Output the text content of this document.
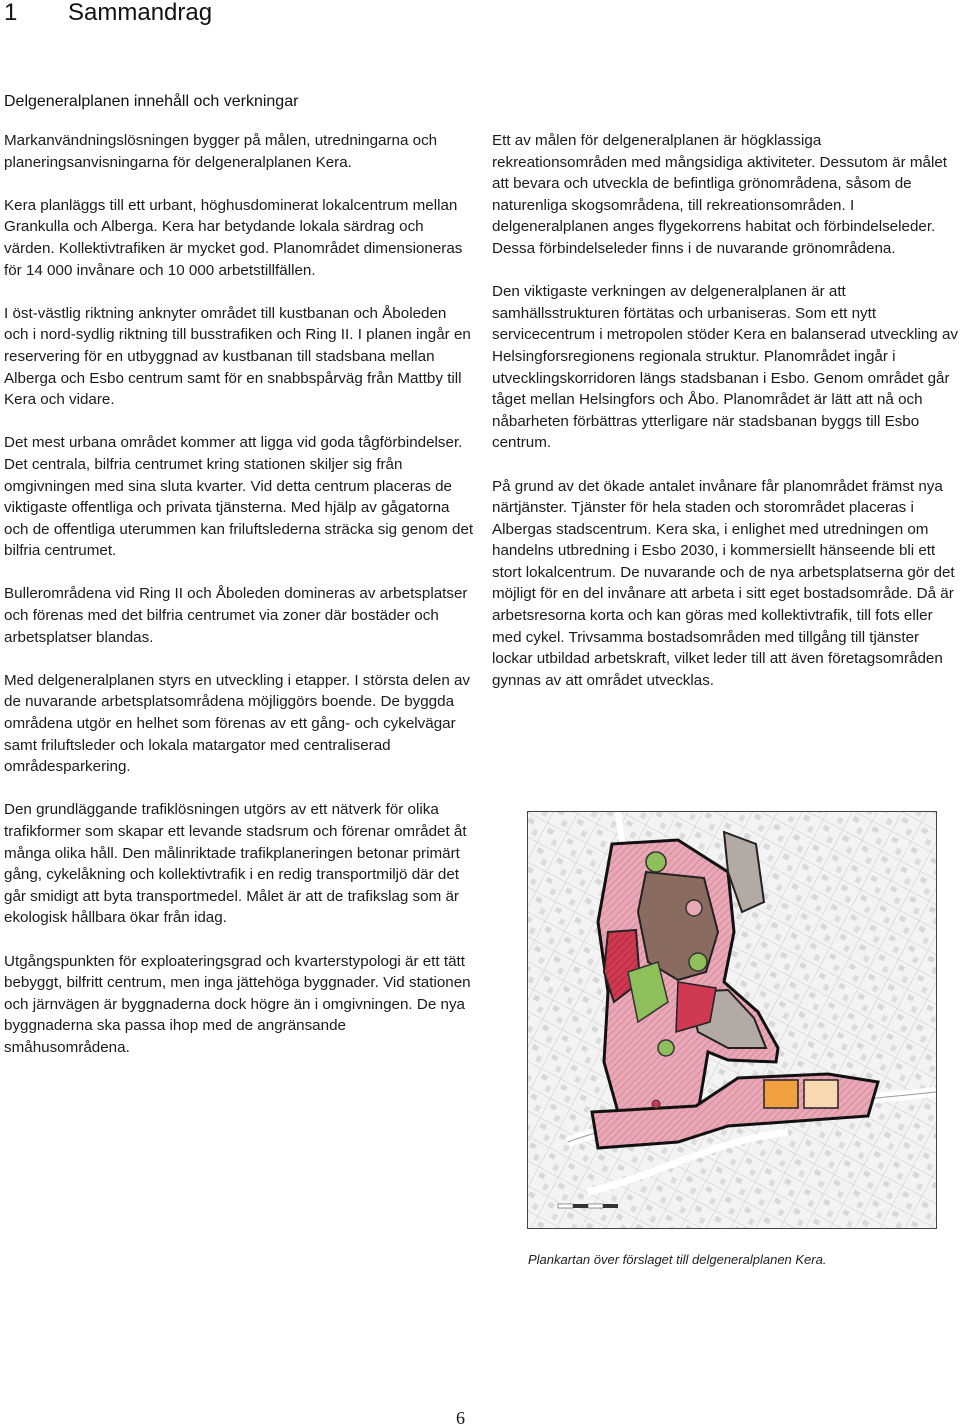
1 Sammandrag
Delgeneralplanen innehåll och verkningar

Markanvändningslösningen bygger på målen, utredningarna och planeringsanvisningarna för delgeneralplanen Kera.

Kera planläggs till ett urbant, höghusdominerat lokalcentrum mellan Grankulla och Alberga. Kera har betydande lokala särdrag och värden. Kollektivtrafiken är mycket god. Planområdet dimensioneras för 14 000 invånare och 10 000 arbetstillfällen.

I öst-västlig riktning anknyter området till kustbanan och Åboleden och i nord-sydlig riktning till busstrafiken och Ring II. I planen ingår en reservering för en utbyggnad av kustbanan till stadsbana mellan Alberga och Esbo centrum samt för en snabbspårväg från Mattby till Kera och vidare.

Det mest urbana området kommer att ligga vid goda tågförbindelser. Det centrala, bilfria centrumet kring stationen skiljer sig från omgivningen med sina sluta kvarter. Vid detta centrum placeras de viktigaste offentliga och privata tjänsterna. Med hjälp av gågatorna och de offentliga uterummen kan friluftslederna sträcka sig genom det bilfria centrumet.

Bullerområdena vid Ring II och Åboleden domineras av arbetsplatser och förenas med det bilfria centrumet via zoner där bostäder och arbetsplatser blandas.

Med delgeneralplanen styrs en utveckling i etapper. I största delen av de nuvarande arbetsplatsområdena möjliggörs boende. De byggda områdena utgör en helhet som förenas av ett gång- och cykelvägar samt friluftsleder och lokala matargator med centraliserad områdesparkering.

Den grundläggande trafiklösningen utgörs av ett nätverk för olika trafikformer som skapar ett levande stadsrum och förenar området åt många olika håll. Den målinriktade trafikplaneringen betonar primärt gång, cykelåkning och kollektivtrafik i en redig transportmiljö där det går smidigt att byta transportmedel. Målet är att de trafikslag som är ekologisk hållbara ökar från idag.

Utgångspunkten för exploateringsgrad och kvarterstypologi är ett tätt bebyggt, bilfritt centrum, men inga jättehöga byggnader. Vid stationen och järnvägen är byggnaderna dock högre än i omgivningen. De nya byggnaderna ska passa ihop med de angränsande småhusområdena.

Ett av målen för delgeneralplanen är högklassiga rekreationsområden med mångsidiga aktiviteter. Dessutom är målet att bevara och utveckla de befintliga grönområdena, såsom de naturenliga skogsområdena, till rekreationsområden. I delgeneralplanen anges flygekorrens habitat och förbindelseleder. Dessa förbindelseleder finns i de nuvarande grönområdena.

Den viktigaste verkningen av delgeneralplanen är att samhällsstrukturen förtätas och urbaniseras. Som ett nytt servicecentrum i metropolen stöder Kera en balanserad utveckling av Helsingforsregionens regionala struktur. Planområdet ingår i utvecklingskorridoren längs stadsbanan i Esbo. Genom området går tåget mellan Helsingfors och Åbo. Planområdet är lätt att nå och nåbarheten förbättras ytterligare när stadsbanan byggs till Esbo centrum.

På grund av det ökade antalet invånare får planområdet främst nya närtjänster. Tjänster för hela staden och storområdet placeras i Albergas stadscentrum. Kera ska, i enlighet med utredningen om handelns utbredning i Esbo 2030, i kommersiellt hänseende bli ett stort lokalcentrum. De nuvarande och de nya arbetsplatserna gör det möjligt för en del invånare att arbeta i sitt eget bostadsområde. Då är arbetsresorna korta och kan göras med kollektivtrafik, till fots eller med cykel. Trivsamma bostadsområden med tillgång till tjänster lockar utbildad arbetskraft, vilket leder till att även företagsområden gynnas av att området utvecklas.

Plankartan över förslaget till delgeneralplanen Kera.
6
